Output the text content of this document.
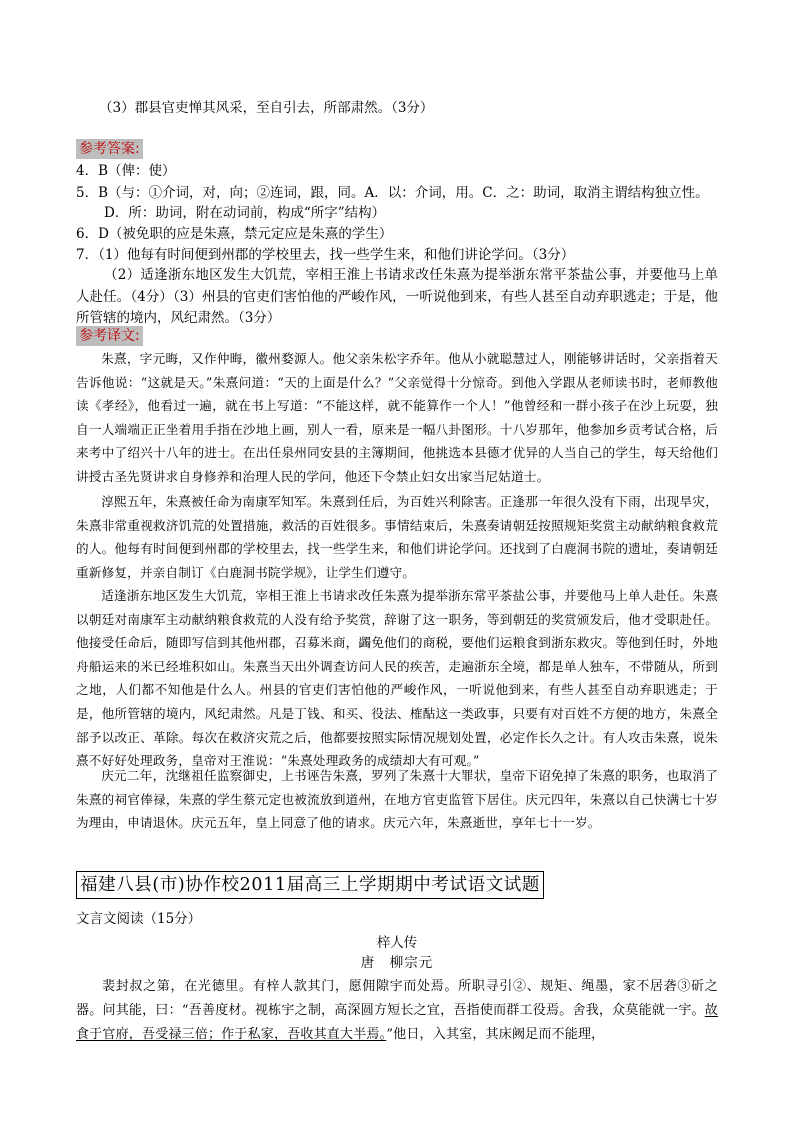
（3）郡县官吏惮其风采，至自引去，所部肃然。（3分）
参考答案:
4．B（俾：使）
5．B（与：①介词，对，向；②连词，跟，同。A．以：介词，用。C．之：助词，取消主谓结构独立性。
D．所：助词，附在动词前，构成“所字”结构）
6．D（被免职的应是朱熹，禁元定应是朱熹的学生）
7．（1）他每有时间便到州郡的学校里去，找一些学生来，和他们讲论学问。（3分）
（2）适逢浙东地区发生大饥荒，宰相王淮上书请求改任朱熹为提举浙东常平茶盐公事，并要他马上单人赴任。（4分）（3）州县的官吏们害怕他的严峻作风，一听说他到来，有些人甚至自动弃职逃走；于是，他所管辖的境内，风纪肃然。（3分）
参考译文:
朱熹，字元晦，又作仲晦，徽州婺源人。他父亲朱松字乔年。他从小就聪慧过人，刚能够讲话时，父亲指着天告诉他说：“这就是天。”朱熹问道：“天的上面是什么？”父亲觉得十分惊奇。到他入学跟从老师读书时，老师教他读《孝经》，他看过一遍，就在书上写道：“不能这样，就不能算作一个人！”他曾经和一群小孩子在沙上玩耍，独自一人端端正正坐着用手指在沙地上画，别人一看，原来是一幅八卦图形。十八岁那年，他参加乡贡考试合格，后来考中了绍兴十八年的进士。在出任泉州同安县的主簿期间，他挑选本县德才优异的人当自己的学生，每天给他们讲授古圣先贤讲求自身修养和治理人民的学问，他还下令禁止妇女出家当尼姑道士。
淳熙五年，朱熹被任命为南康军知军。朱熹到任后，为百姓兴利除害。正逢那一年很久没有下雨，出现旱灾，朱熹非常重视救济饥荒的处置措施，救活的百姓很多。事情结束后，朱熹奏请朝廷按照规矩奖赏主动献纳粮食救荒的人。他每有时间便到州郡的学校里去，找一些学生来，和他们讲论学问。还找到了白鹿洞书院的遗址，奏请朝廷重新修复，并亲自制订《白鹿洞书院学规》，让学生们遵守。
适逢浙东地区发生大饥荒，宰相王淮上书请求改任朱熹为提举浙东常平茶盐公事，并要他马上单人赴任。朱熹以朝廷对南康军主动献纳粮食救荒的人没有给予奖赏，辞谢了这一职务，等到朝廷的奖赏颁发后，他才受职赴任。他接受任命后，随即写信到其他州郡，召募米商，蠲免他们的商税，要他们运粮食到浙东救灾。等他到任时，外地舟船运来的米已经堆积如山。朱熹当天出外调查访问人民的疾苦，走遍浙东全境，都是单人独车，不带随从，所到之地，人们都不知他是什么人。州县的官吏们害怕他的严峻作风，一听说他到来，有些人甚至自动弃职逃走；于是，他所管辖的境内，风纪肃然。凡是丁钱、和买、役法、榷酤这一类政事，只要有对百姓不方便的地方，朱熹全部予以改正、革除。每次在救济灾荒之后，他都要按照实际情况规划处置，必定作长久之计。有人攻击朱熹，说朱熹不好好处理政务，皇帝对王淮说：“朱熹处理政务的成绩却大有可观。”
庆元二年，沈继祖任监察御史，上书诬告朱熹，罗列了朱熹十大罪状，皇帝下诏免掉了朱熹的职务，也取消了朱熹的祠官俸禄，朱熹的学生蔡元定也被流放到道州，在地方官吏监管下居住。庆元四年，朱熹以自己快满七十岁为理由，申请退休。庆元五年，皇上同意了他的请求。庆元六年，朱熹逝世，享年七十一岁。
福建八县(市)协作校2011届高三上学期期中考试语文试题
文言文阅读（15分）
梓人传
唐　柳宗元
裴封叔之第，在光德里。有梓人款其门，愿佣隙宇而处焉。所职寻引②、规矩、绳墨，家不居砻③斫之器。问其能，曰：“吾善度材。视栋宇之制，高深圆方短长之宜，吾指使而群工役焉。舍我，众莫能就一宇。故食于官府，吾受禄三倍；作于私家，吾收其直大半焉。”他日，入其室，其床阙足而不能理，
